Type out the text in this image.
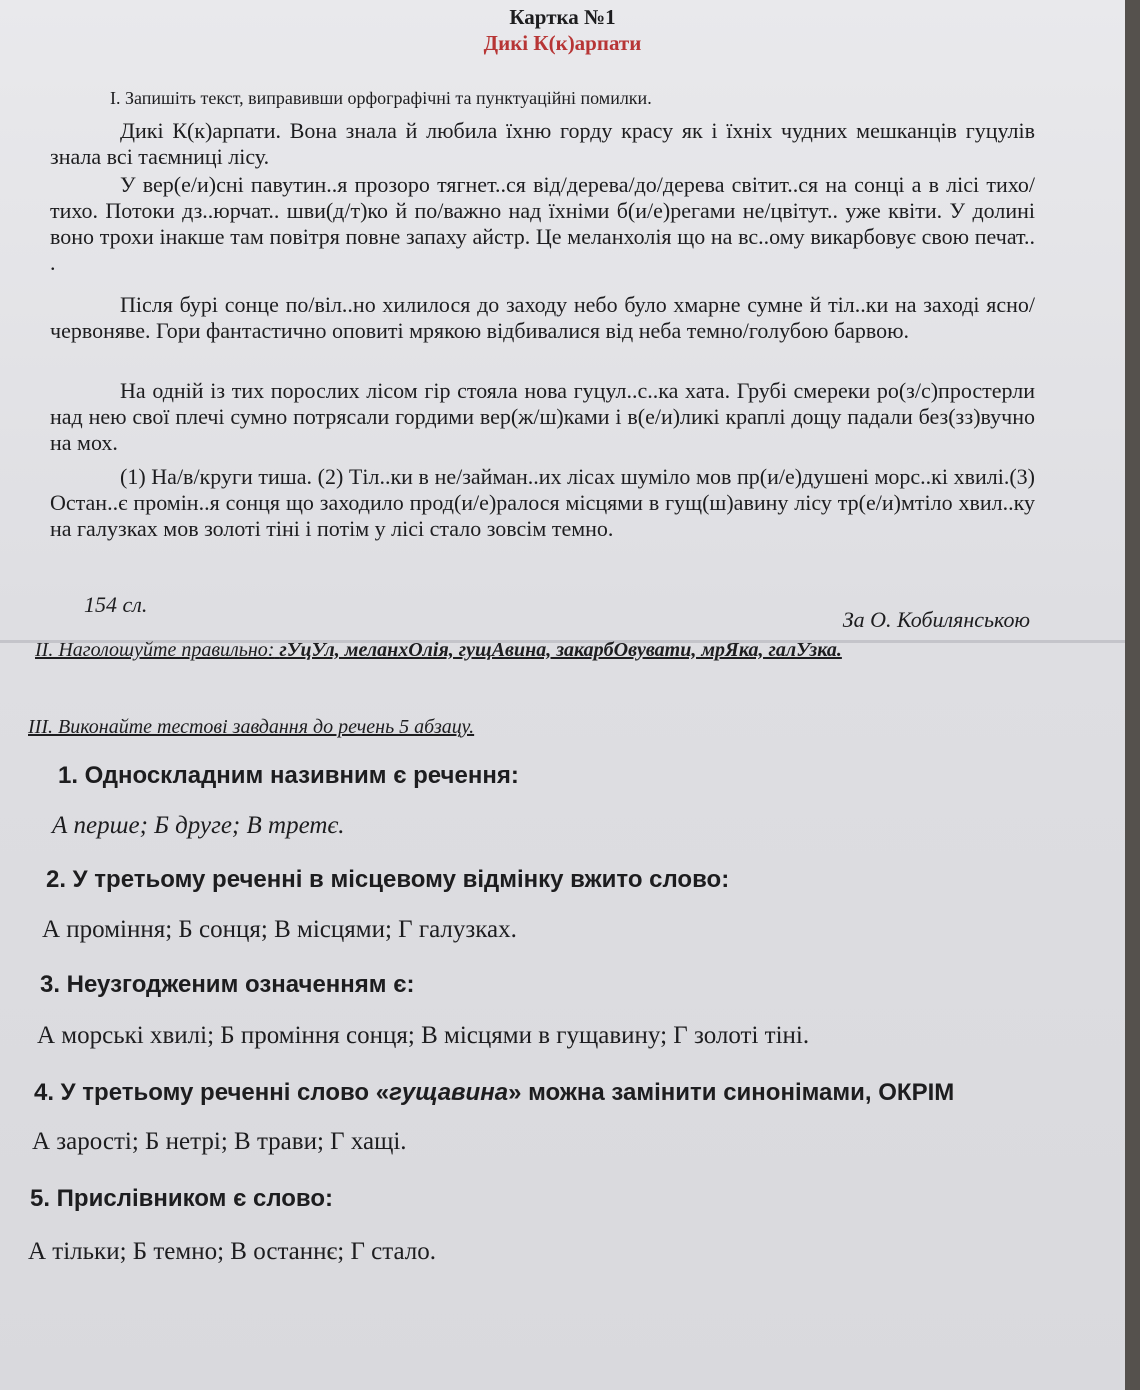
Картка №1
Дикі К(к)арпати
І. Запишіть текст, виправивши орфографічні та пунктуаційні помилки.

Дикі К(к)арпати. Вона знала й любила їхню горду красу як і їхніх чудних мешканців гуцулів знала всі таємниці лісу.

У вер(е/и)сні павутин..я прозоро тягнет..ся від/дерева/до/дерева світит..ся на сонці а в лісі тихо/тихо. Потоки дз..юрчат.. шви(д/т)ко й по/важно над їхніми б(и/е)регами не/цвітут.. уже квіти. У долині воно трохи інакше там повітря повне запаху айстр. Це меланхолія що на вс..ому викарбовує свою печат.. .

Після бурі сонце по/віл..но хилилося до заходу небо було хмарне сумне й тіл..ки на заході ясно/червоняве. Гори фантастично оповиті мрякою відбивалися від неба темно/голубою барвою.

На одній із тих порослих лісом гір стояла нова гуцул..с..ка хата. Грубі смереки ро(з/с)простерли над нею свої плечі сумно потрясали гордими вер(ж/ш)ками і в(е/и)ликі краплі дощу падали без(зз)вучно на мох.

(1) На/в/круги тиша. (2) Тіл..ки в не/займан..их лісах шуміло мов пр(и/е)душені морс..кі хвилі.(3) Остан..є промін..я сонця що заходило прод(и/е)ралося місцями в гущ(ш)авину лісу тр(е/и)мтіло хвил..ку на галузках мов золоті тіні і потім у лісі стало зовсім темно.

154 сл.
За О. Кобилянською
ІІ. Наголошуйте правильно: гУцУл, меланхОлія, гущАвина, закарбОвувати, мрЯка, галУзка.
ІІІ. Виконайте тестові завдання до речень 5 абзацу.
1. Односкладним називним є речення:
А перше; Б друге; В третє.
2. У третьому реченні в місцевому відмінку вжито слово:
А проміння; Б сонця; В місцями; Г галузках.
3. Неузгодженим означенням є:
А морські хвилі; Б проміння сонця; В місцями в гущавину; Г золоті тіні.
4. У третьому реченні слово «гущавина» можна замінити синонімами, ОКРІМ
А зарості; Б нетрі; В трави; Г хащі.
5. Прислівником є слово:
А тільки; Б темно; В останнє; Г стало.
